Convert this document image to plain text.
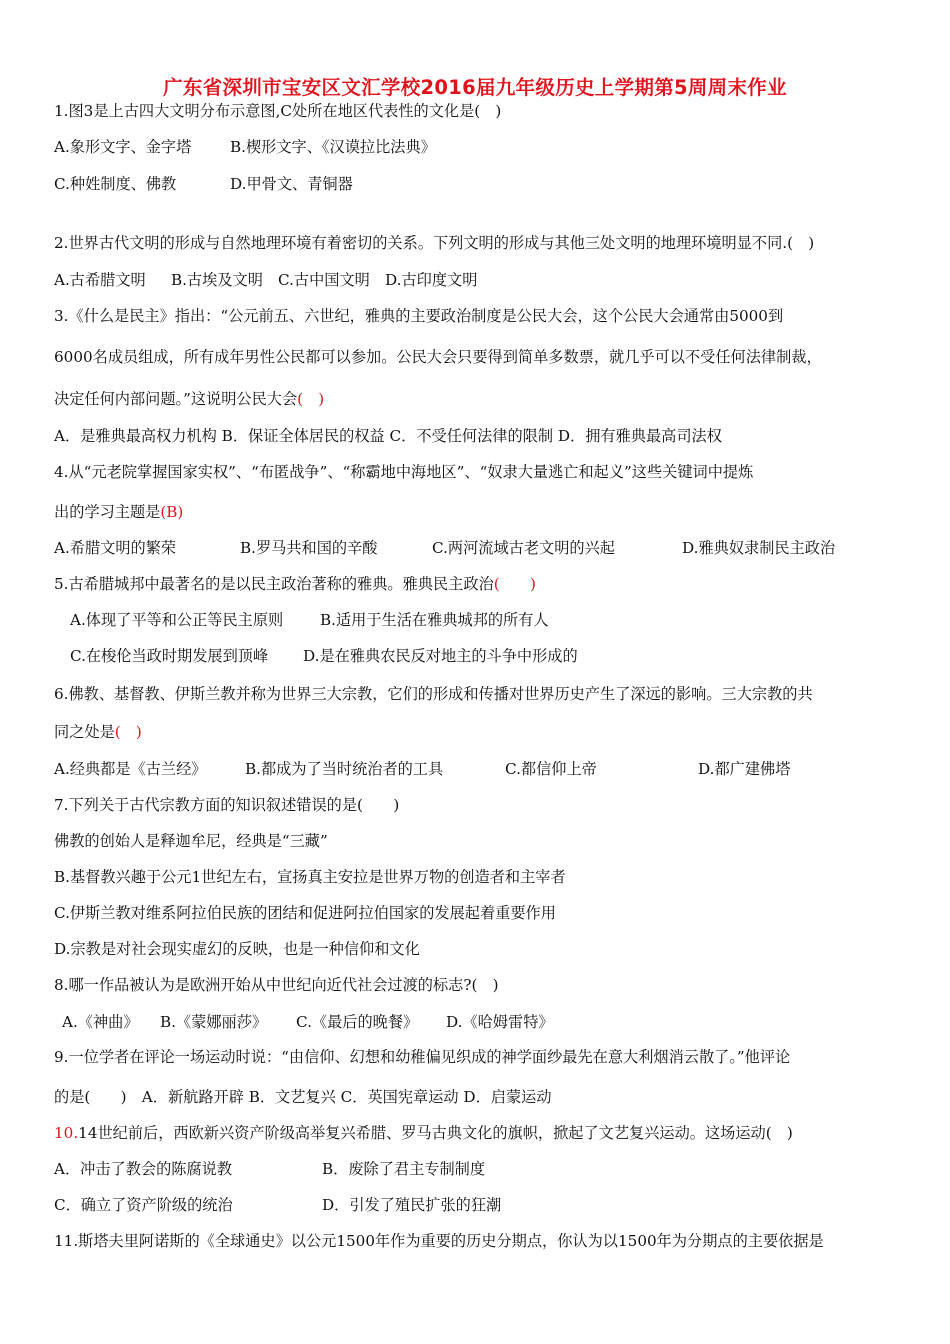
广东省深圳市宝安区文汇学校2016届九年级历史上学期第5周周末作业
1.图3是上古四大文明分布示意图,C处所在地区代表性的文化是(　)
A.象形文字、金字塔	B.楔形文字、《汉谟拉比法典》
C.种姓制度、佛教	D.甲骨文、青铜器
2.世界古代文明的形成与自然地理环境有着密切的关系。下列文明的形成与其他三处文明的地理环境明显不同.(　)
A.古希腊文明 B.古埃及文明 C.古中国文明 D.古印度文明
3.《什么是民主》指出：“公元前五、六世纪，雅典的主要政治制度是公民大会，这个公民大会通常由5000到
6000名成员组成，所有成年男性公民都可以参加。公民大会只要得到简单多数票，就几乎可以不受任何法律制裁，
决定任何内部问题。”这说明公民大会(　)
A．是雅典最高权力机构 B．保证全体居民的权益 C．不受任何法律的限制 D．拥有雅典最高司法权
4.从“元老院掌握国家实权”、“布匿战争”、“称霸地中海地区”、“奴隶大量逃亡和起义”这些关键词中提炼
出的学习主题是(B)
A.希腊文明的繁荣	B.罗马共和国的辛酸	C.两河流域古老文明的兴起	D.雅典奴隶制民主政治
5.古希腊城邦中最著名的是以民主政治著称的雅典。雅典民主政治(　　)
A.体现了平等和公正等民主原则 B.适用于生活在雅典城邦的所有人
C.在梭伦当政时期发展到顶峰 D.是在雅典农民反对地主的斗争中形成的
6.佛教、基督教、伊斯兰教并称为世界三大宗教，它们的形成和传播对世界历史产生了深远的影响。三大宗教的共
同之处是(　)
A.经典都是《古兰经》	B.都成为了当时统治者的工具	C.都信仰上帝	D.都广建佛塔
7.下列关于古代宗教方面的知识叙述错误的是(　　)
佛教的创始人是释迦牟尼，经典是“三藏”
B.基督教兴趣于公元1世纪左右，宣扬真主安拉是世界万物的创造者和主宰者
C.伊斯兰教对维系阿拉伯民族的团结和促进阿拉伯国家的发展起着重要作用
D.宗教是对社会现实虚幻的反映，也是一种信仰和文化
8.哪一作品被认为是欧洲开始从中世纪向近代社会过渡的标志?(　)
A.《神曲》 B.《蒙娜丽莎》 C.《最后的晚餐》 D.《哈姆雷特》
9.一位学者在评论一场运动时说：“由信仰、幻想和幼稚偏见织成的神学面纱最先在意大利烟消云散了。”他评论
的是(　　)　A．新航路开辟 B．文艺复兴 C．英国宪章运动 D．启蒙运动
10.14世纪前后，西欧新兴资产阶级高举复兴希腊、罗马古典文化的旗帜，掀起了文艺复兴运动。这场运动(　)
A．冲击了教会的陈腐说教	B．废除了君主专制制度
C．确立了资产阶级的统治	D．引发了殖民扩张的狂潮
11.斯塔夫里阿诺斯的《全球通史》以公元1500年作为重要的历史分期点，你认为以1500年为分期点的主要依据是
